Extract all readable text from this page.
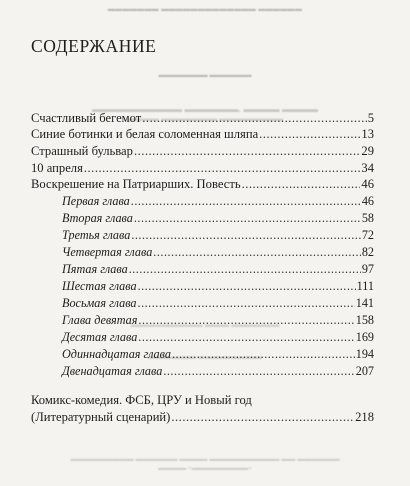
▬▬▬▬▬▬▬ ▬▬▬▬▬▬▬▬▬▬▬▬▬ ▬▬▬▬▬▬
▬▬▬▬▬▬▬ ▬▬▬▬▬▬
▬▬▬▬▬▬▬▬▬▬ ▬▬▬▬▬▬. ▬▬▬▬ ▬▬▬▬
▬▬▬▬ ▬▬▬▬▬▬▬ ▬▬▬▬▬▬▬▬
▬▬▬▬▬▬▬▬▬ ▬▬▬ ▬▬▬▬▬▬
▬▬▬▬▬▬ ▬▬▬▬▬▬▬▬
▬▬▬▬▬▬▬▬▬ ▬▬▬▬▬▬ ▬▬▬▬ ▬▬▬▬▬▬▬▬▬▬ ▬▬ ▬▬▬▬▬▬
▬▬▬▬ «▬▬▬▬▬▬▬▬»
СОДЕРЖАНИЕ
Счастливый бегемот .....	5
Синие ботинки и белая соломенная шляпа .....	13
Страшный бульвар .....	29
10 апреля .....	34
Воскрешение на Патриарших. Повесть .....	46
Первая глава .....	46
Вторая глава .....	58
Третья глава .....	72
Четвертая глава .....	82
Пятая глава .....	97
Шестая глава .....	111
Восьмая глава .....	141
Глава девятая .....	158
Десятая глава .....	169
Одиннадцатая глава .....	194
Двенадцатая глава .....	207
Комикс-комедия. ФСБ, ЦРУ и Новый год
(Литературный сценарий) .....	218
